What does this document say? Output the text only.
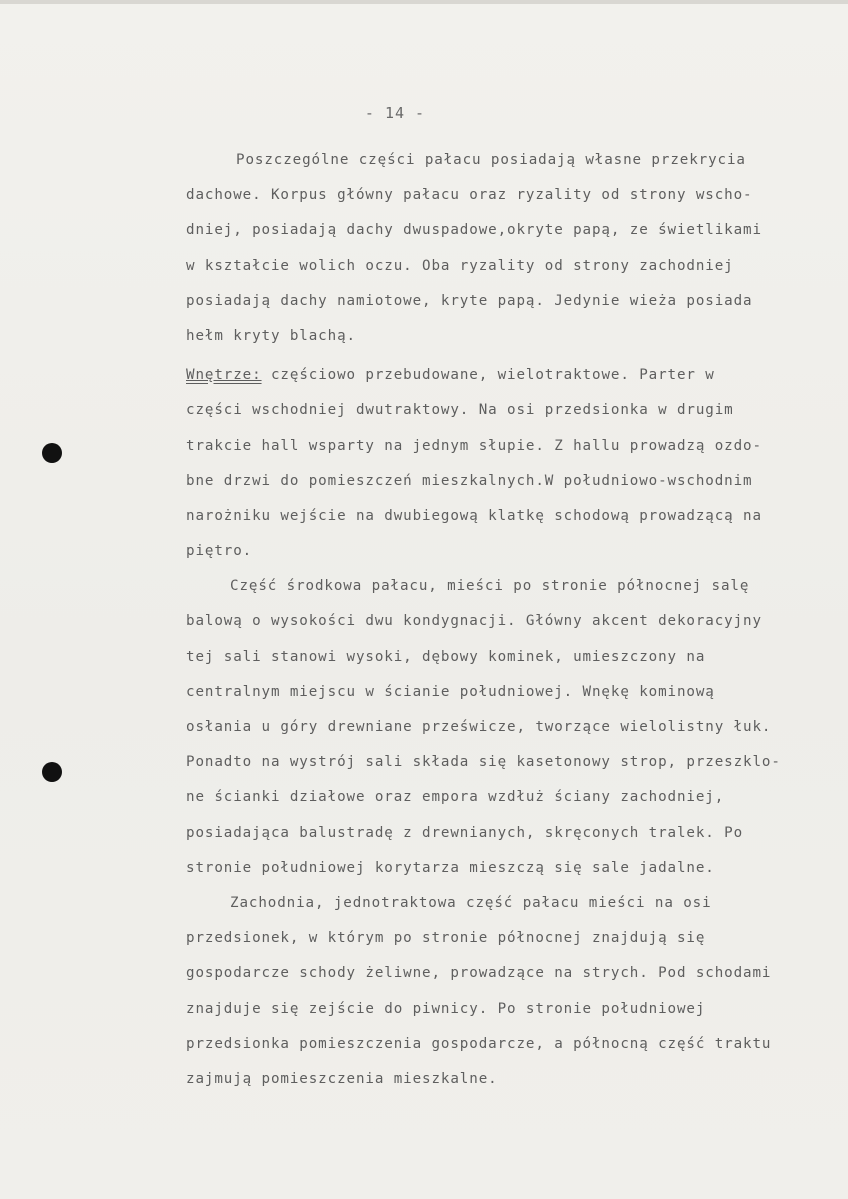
- 14 -
Poszczególne części pałacu posiadają własne przekrycia
dachowe. Korpus główny pałacu oraz ryzality od strony wscho-
dniej, posiadają dachy dwuspadowe,okryte papą, ze świetlikami
w kształcie wolich oczu. Oba ryzality od strony zachodniej
posiadają dachy namiotowe, kryte papą. Jedynie wieża posiada
hełm kryty blachą.
Wnętrze: częściowo przebudowane, wielotraktowe. Parter w
części wschodniej dwutraktowy. Na osi przedsionka w drugim
trakcie hall wsparty na jednym słupie. Z hallu prowadzą ozdo-
bne drzwi do pomieszczeń mieszkalnych.W południowo-wschodnim
narożniku wejście na dwubiegową klatkę schodową prowadzącą na
piętro.
Część środkowa pałacu, mieści po stronie północnej salę
balową o wysokości dwu kondygnacji. Główny akcent dekoracyjny
tej sali stanowi wysoki, dębowy kominek, umieszczony na
centralnym miejscu w ścianie południowej. Wnękę kominową
osłania u góry drewniane prześwicze, tworzące wielolistny łuk.
Ponadto na wystrój sali składa się kasetonowy strop, przeszklo-
ne ścianki działowe oraz empora wzdłuż ściany zachodniej,
posiadająca balustradę z drewnianych, skręconych tralek. Po
stronie południowej korytarza mieszczą się sale jadalne.
Zachodnia, jednotraktowa część pałacu mieści na osi
przedsionek, w którym po stronie północnej znajdują się
gospodarcze schody żeliwne, prowadzące na strych. Pod schodami
znajduje się zejście do piwnicy. Po stronie południowej
przedsionka pomieszczenia gospodarcze, a północną część traktu
zajmują pomieszczenia mieszkalne.
